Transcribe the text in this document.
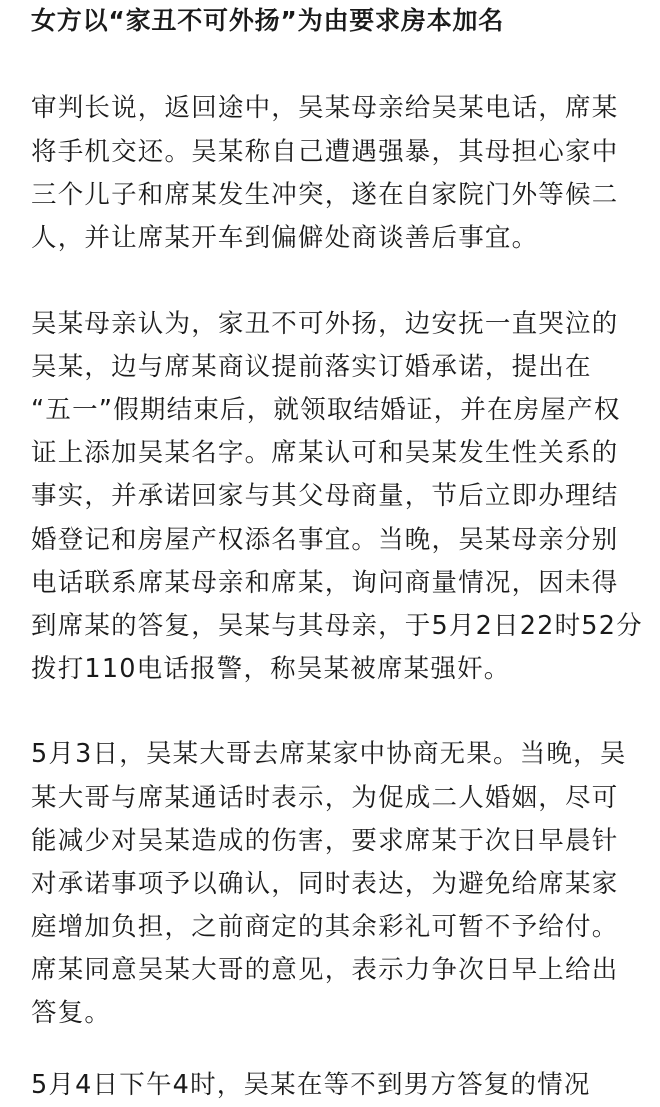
女方以“家丑不可外扬”为由要求房本加名
审判长说，返回途中，吴某母亲给吴某电话，席某
将手机交还。吴某称自己遭遇强暴，其母担心家中
三个儿子和席某发生冲突，遂在自家院门外等候二
人，并让席某开车到偏僻处商谈善后事宜。
吴某母亲认为，家丑不可外扬，边安抚一直哭泣的
吴某，边与席某商议提前落实订婚承诺，提出在
“五一”假期结束后，就领取结婚证，并在房屋产权
证上添加吴某名字。席某认可和吴某发生性关系的
事实，并承诺回家与其父母商量，节后立即办理结
婚登记和房屋产权添名事宜。当晚，吴某母亲分别
电话联系席某母亲和席某，询问商量情况，因未得
到席某的答复，吴某与其母亲，于5月2日22时52分
拨打110电话报警，称吴某被席某强奸。
5月3日，吴某大哥去席某家中协商无果。当晚，吴
某大哥与席某通话时表示，为促成二人婚姻，尽可
能减少对吴某造成的伤害，要求席某于次日早晨针
对承诺事项予以确认，同时表达，为避免给席某家
庭增加负担，之前商定的其余彩礼可暂不予给付。
席某同意吴某大哥的意见，表示力争次日早上给出
答复。
5月4日下午4时，吴某在等不到男方答复的情况
